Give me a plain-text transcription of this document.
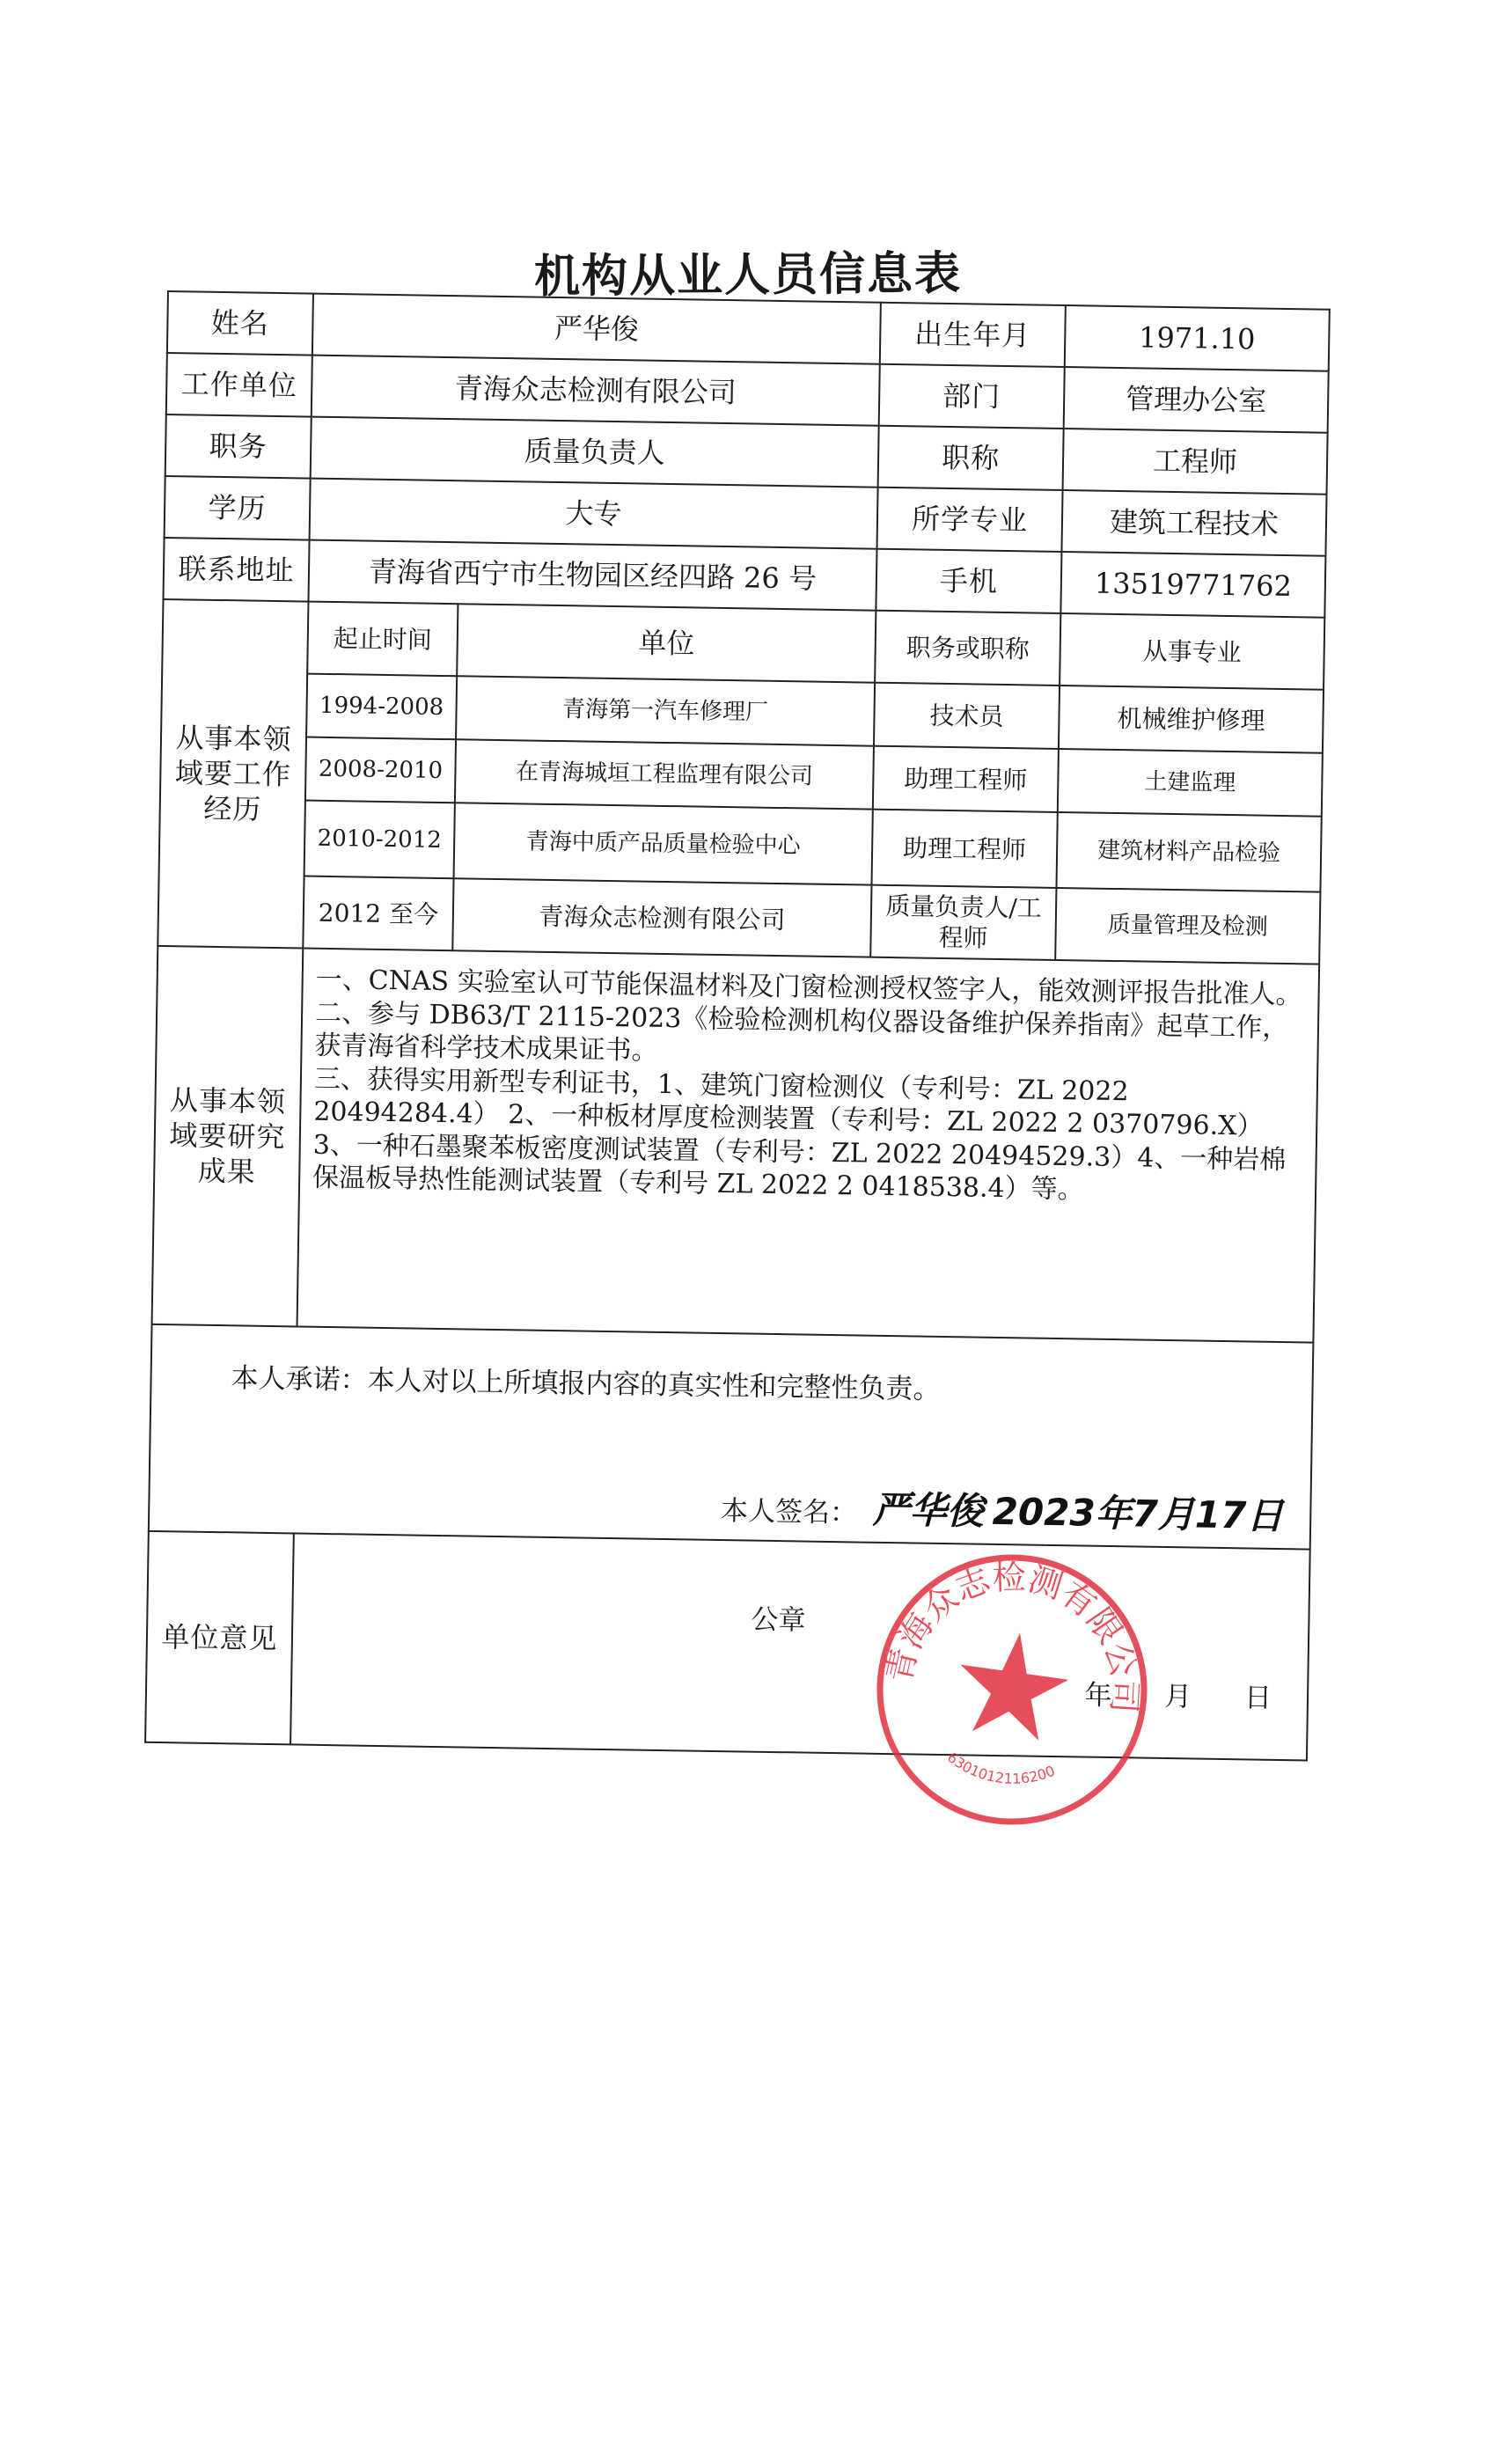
机构从业人员信息表
姓名	严华俊		出生年月	1971.10
工作单位	青海众志检测有限公司		部门	管理办公室
职务	质量负责人		职称	工程师
学历	大专		所学专业	建筑工程技术
联系地址	青海省西宁市生物园区经四路 26 号		手机	13519771762
从事本领域要工作经历	起止时间	单位	职务或职称	从事专业
	1994-2008	青海第一汽车修理厂	技术员	机械维护修理
	2008-2010	在青海城垣工程监理有限公司	助理工程师	土建监理
	2010-2012	青海中质产品质量检验中心	助理工程师	建筑材料产品检验
	2012 至今	青海众志检测有限公司	质量负责人/工程师	质量管理及检测
从事本领域要研究成果	一、CNAS 实验室认可节能保温材料及门窗检测授权签字人，能效测评报告批准人。

二、参与 DB63/T 2115-2023《检验检测机构仪器设备维护保养指南》起草工作，获青海省科学技术成果证书。

三、获得实用新型专利证书，1、建筑门窗检测仪（专利号：ZL 2022 20494284.4） 2、一种板材厚度检测装置（专利号：ZL 2022 2 0370796.X） 3、一种石墨聚苯板密度测试装置（专利号：ZL 2022 20494529.3）4、一种岩棉保温板导热性能测试装置（专利号 ZL 2022 2 0418538.4）等。			

本人承诺：本人对以上所填报内容的真实性和完整性负责。
本人签名： 严华俊 2023年7月17日				

单位意见	公章
年 月 日			
青海众志检测有限公司
6301012116200
